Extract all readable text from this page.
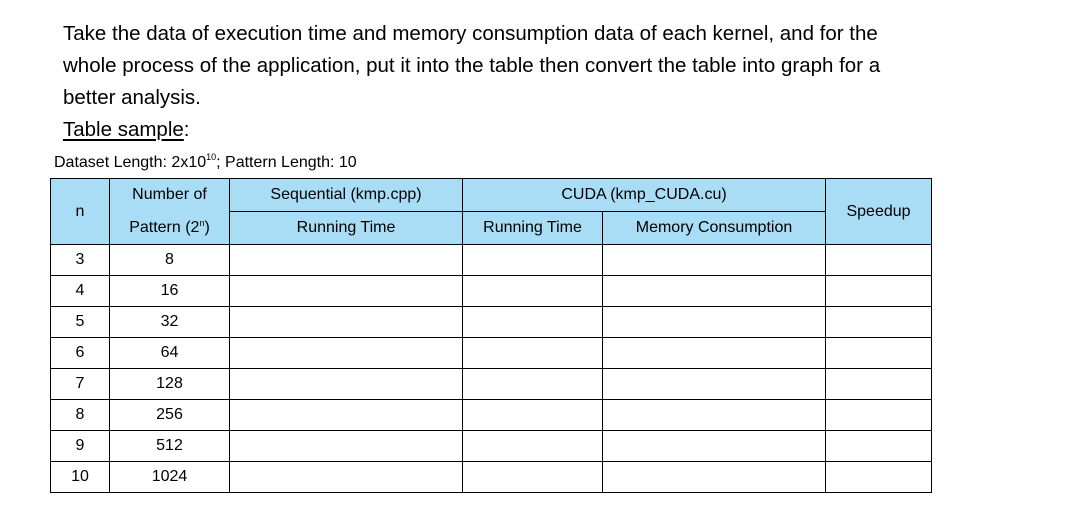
Take the data of execution time and memory consumption data of each kernel, and for the

whole process of the application, put it into the table then convert the table into graph for a

better analysis.

Table sample:
Dataset Length: $2x10^{10}$; Pattern Length: 10
n	Number of	Sequential (kmp.cpp)	CUDA (kmp_CUDA.cu)		Speedup
	Pattern (2$^n$)	Running Time	Running Time	Memory Consumption	
3	8				
4	16				
5	32				
6	64				
7	128				
8	256				
9	512				
10	1024				
